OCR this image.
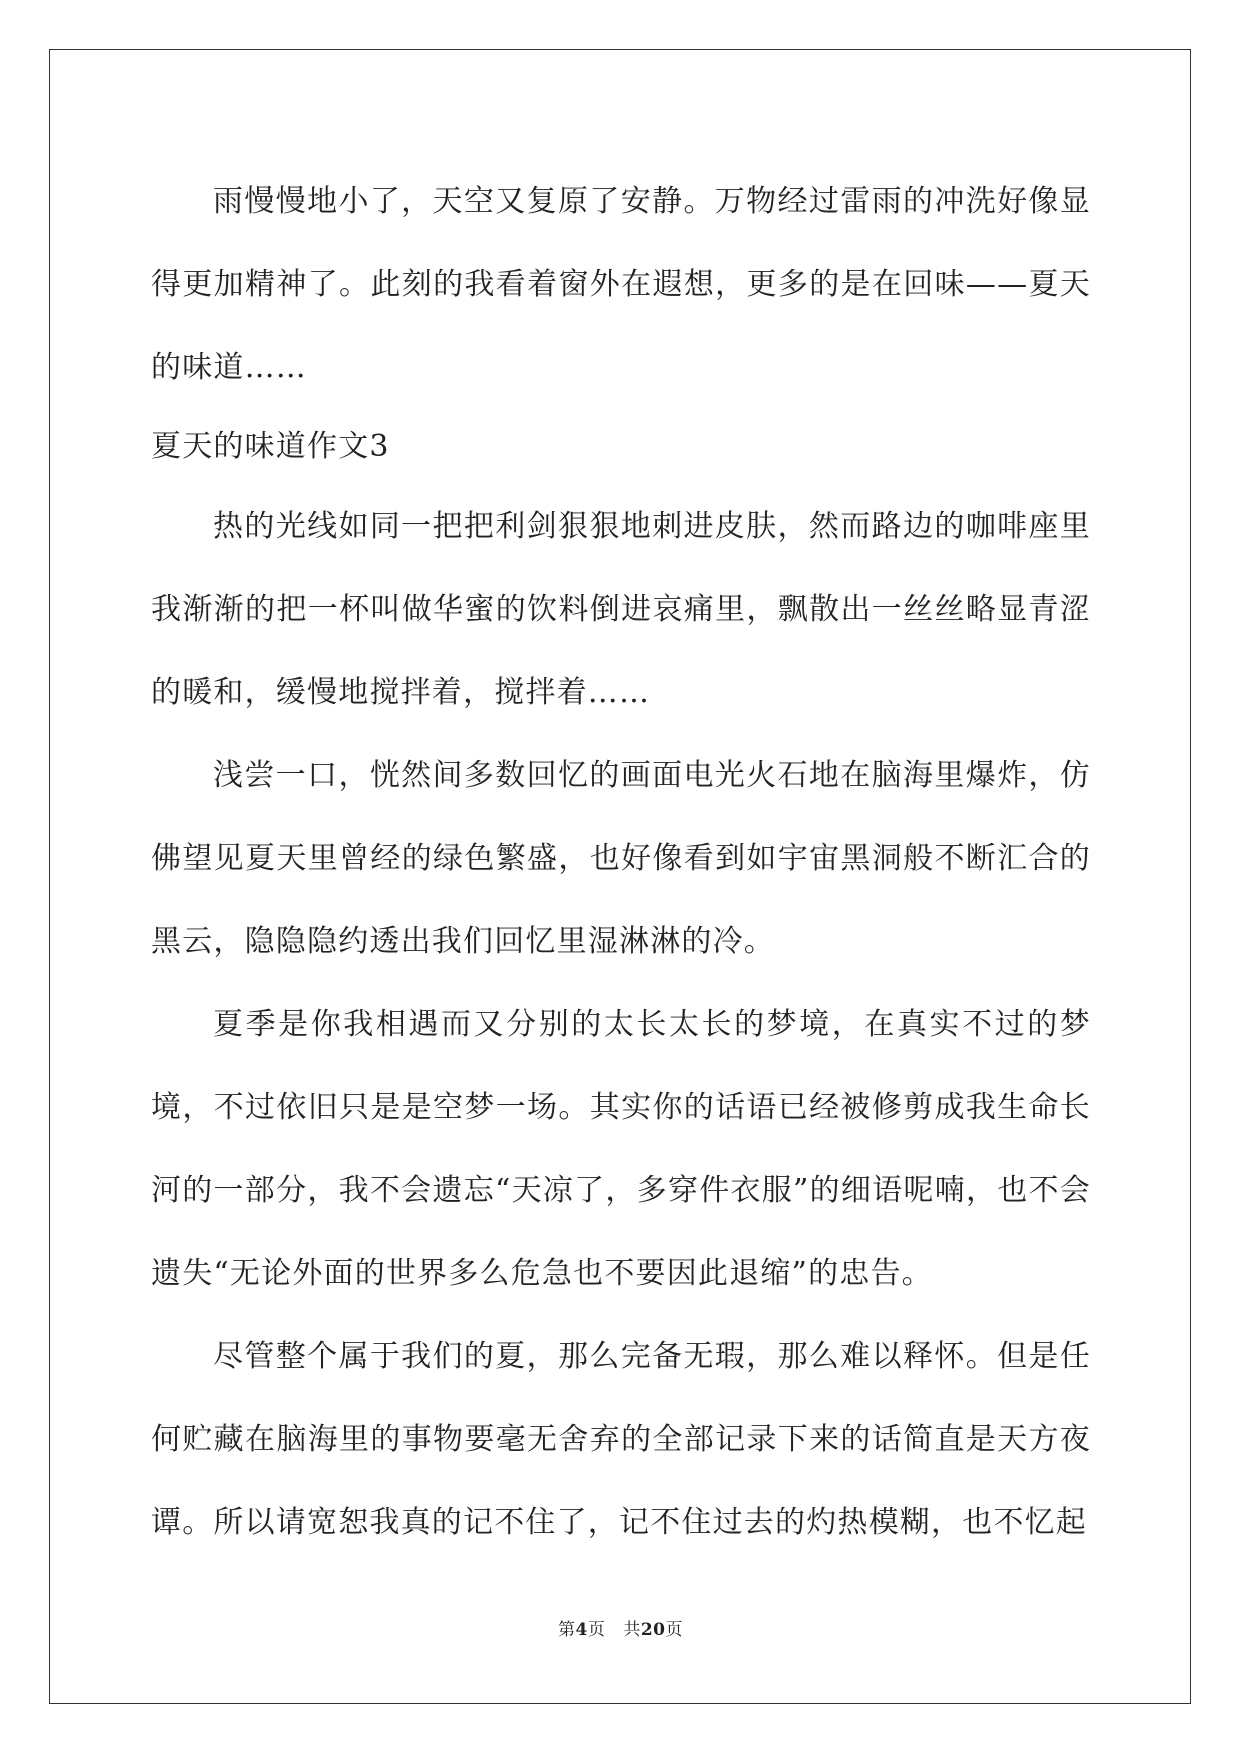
雨慢慢地小了，天空又复原了安静。万物经过雷雨的冲洗好像显得更加精神了。此刻的我看着窗外在遐想，更多的是在回味——夏天的味道……

夏天的味道作文3

热的光线如同一把把利剑狠狠地刺进皮肤，然而路边的咖啡座里我渐渐的把一杯叫做华蜜的饮料倒进哀痛里，飘散出一丝丝略显青涩的暖和，缓慢地搅拌着，搅拌着……

浅尝一口，恍然间多数回忆的画面电光火石地在脑海里爆炸，仿佛望见夏天里曾经的绿色繁盛，也好像看到如宇宙黑洞般不断汇合的黑云，隐隐隐约透出我们回忆里湿淋淋的冷。

夏季是你我相遇而又分别的太长太长的梦境，在真实不过的梦境，不过依旧只是是空梦一场。其实你的话语已经被修剪成我生命长河的一部分，我不会遗忘“天凉了，多穿件衣服”的细语呢喃，也不会遗失“无论外面的世界多么危急也不要因此退缩”的忠告。

尽管整个属于我们的夏，那么完备无瑕，那么难以释怀。但是任何贮藏在脑海里的事物要毫无舍弃的全部记录下来的话简直是天方夜谭。所以请宽恕我真的记不住了，记不住过去的灼热模糊，也不忆起

第4页 共20页
